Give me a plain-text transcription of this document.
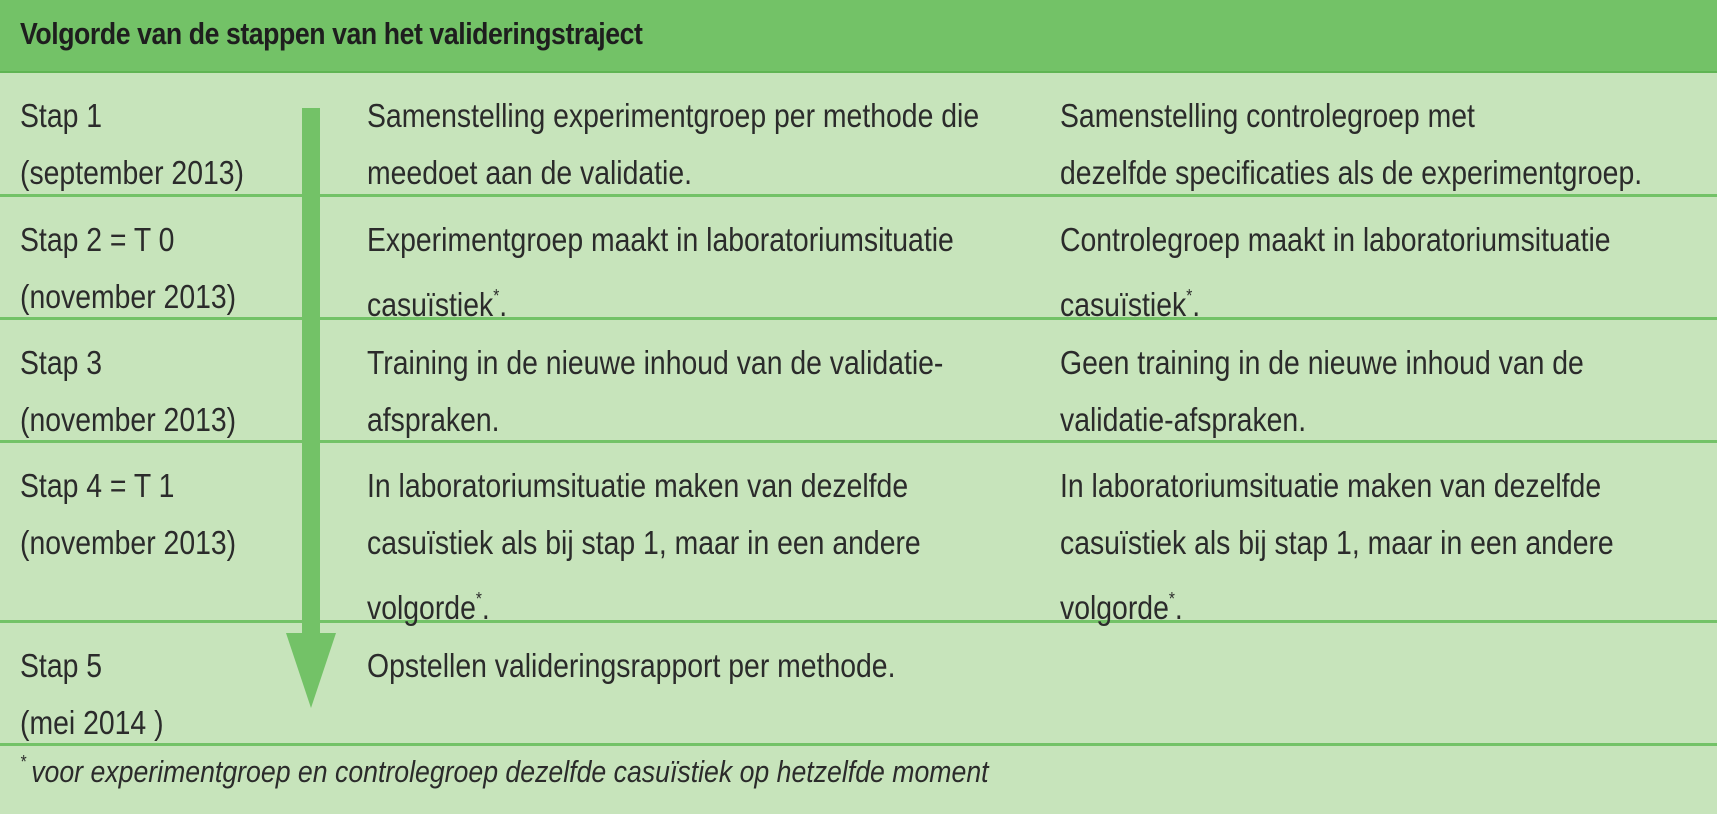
Volgorde van de stappen van het valideringstraject
Stap 1
(september 2013)
Samenstelling experimentgroep per methode die
meedoet aan de validatie.
Samenstelling controlegroep met
dezelfde specificaties als de experimentgroep.
Stap 2 = T 0
(november 2013)
Experimentgroep maakt in laboratoriumsituatie
casuïstiek*.
Controlegroep maakt in laboratoriumsituatie
casuïstiek*.
Stap 3
(november 2013)
Training in de nieuwe inhoud van de validatie-
afspraken.
Geen training in de nieuwe inhoud van de
validatie-afspraken.
Stap 4 = T 1
(november 2013)
In laboratoriumsituatie maken van dezelfde
casuïstiek als bij stap 1, maar in een andere
volgorde*.
In laboratoriumsituatie maken van dezelfde
casuïstiek als bij stap 1, maar in een andere
volgorde*.
Stap 5
(mei 2014 )
Opstellen valideringsrapport per methode.
* voor experimentgroep en controlegroep dezelfde casuïstiek op hetzelfde moment
